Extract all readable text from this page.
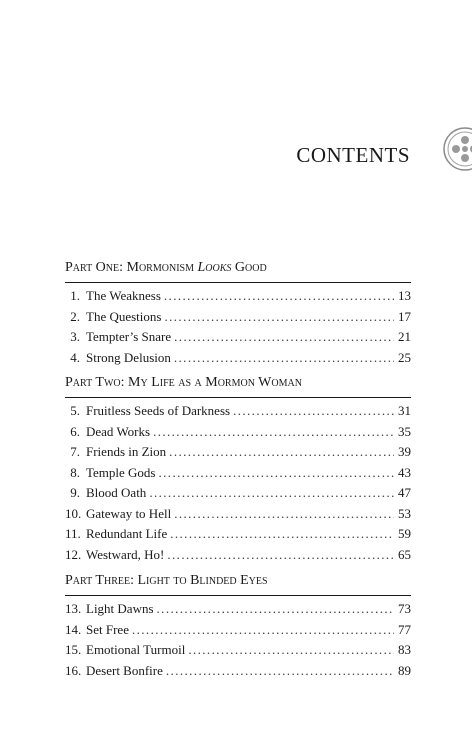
CONTENTS
Part One: Mormonism Looks Good
1. The Weakness .....	13
2. The Questions .....	17
3. Tempter’s Snare .....	21
4. Strong Delusion .....	25
Part Two: My Life as a Mormon Woman
5. Fruitless Seeds of Darkness .....	31
6. Dead Works .....	35
7. Friends in Zion .....	39
8. Temple Gods .....	43
9. Blood Oath .....	47
10. Gateway to Hell .....	53
11. Redundant Life .....	59
12. Westward, Ho! .....	65
Part Three: Light to Blinded Eyes
13. Light Dawns .....	73
14. Set Free .....	77
15. Emotional Turmoil .....	83
16. Desert Bonfire .....	89
